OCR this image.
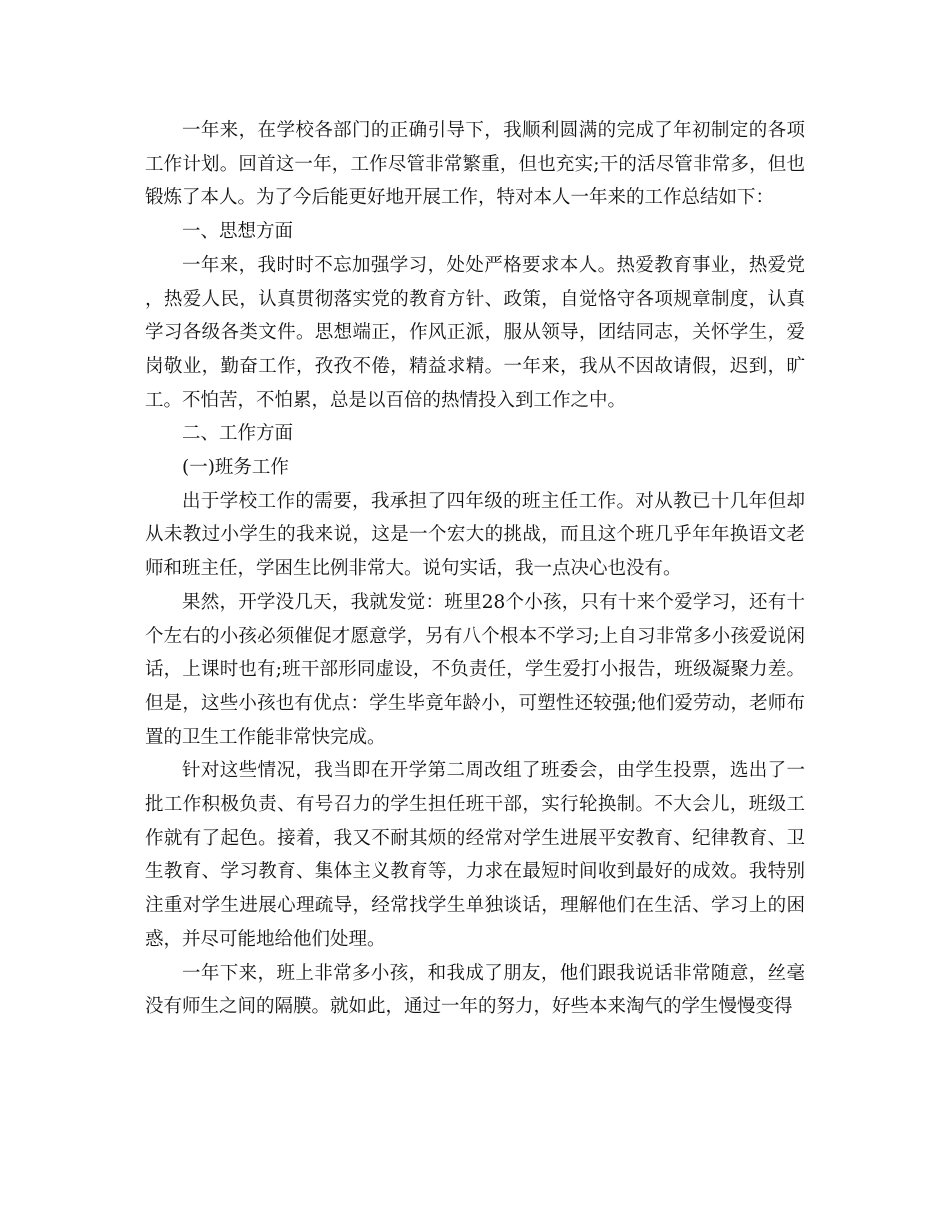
一年来，在学校各部门的正确引导下，我顺利圆满的完成了年初制定的各项工作计划。回首这一年，工作尽管非常繁重，但也充实;干的活尽管非常多，但也锻炼了本人。为了今后能更好地开展工作，特对本人一年来的工作总结如下：

一、思想方面

一年来，我时时不忘加强学习，处处严格要求本人。热爱教育事业，热爱党，热爱人民，认真贯彻落实党的教育方针、政策，自觉恪守各项规章制度，认真学习各级各类文件。思想端正，作风正派，服从领导，团结同志，关怀学生，爱岗敬业，勤奋工作，孜孜不倦，精益求精。一年来，我从不因故请假，迟到，旷工。不怕苦，不怕累，总是以百倍的热情投入到工作之中。

二、工作方面

(一)班务工作

出于学校工作的需要，我承担了四年级的班主任工作。对从教已十几年但却从未教过小学生的我来说，这是一个宏大的挑战，而且这个班几乎年年换语文老师和班主任，学困生比例非常大。说句实话，我一点决心也没有。

果然，开学没几天，我就发觉：班里28个小孩，只有十来个爱学习，还有十个左右的小孩必须催促才愿意学，另有八个根本不学习;上自习非常多小孩爱说闲话，上课时也有;班干部形同虚设，不负责任，学生爱打小报告，班级凝聚力差。但是，这些小孩也有优点：学生毕竟年龄小，可塑性还较强;他们爱劳动，老师布置的卫生工作能非常快完成。

针对这些情况，我当即在开学第二周改组了班委会，由学生投票，选出了一批工作积极负责、有号召力的学生担任班干部，实行轮换制。不大会儿，班级工作就有了起色。接着，我又不耐其烦的经常对学生进展平安教育、纪律教育、卫生教育、学习教育、集体主义教育等，力求在最短时间收到最好的成效。我特别注重对学生进展心理疏导，经常找学生单独谈话，理解他们在生活、学习上的困惑，并尽可能地给他们处理。

一年下来，班上非常多小孩，和我成了朋友，他们跟我说话非常随意，丝毫没有师生之间的隔膜。就如此，通过一年的努力，好些本来淘气的学生慢慢变得
